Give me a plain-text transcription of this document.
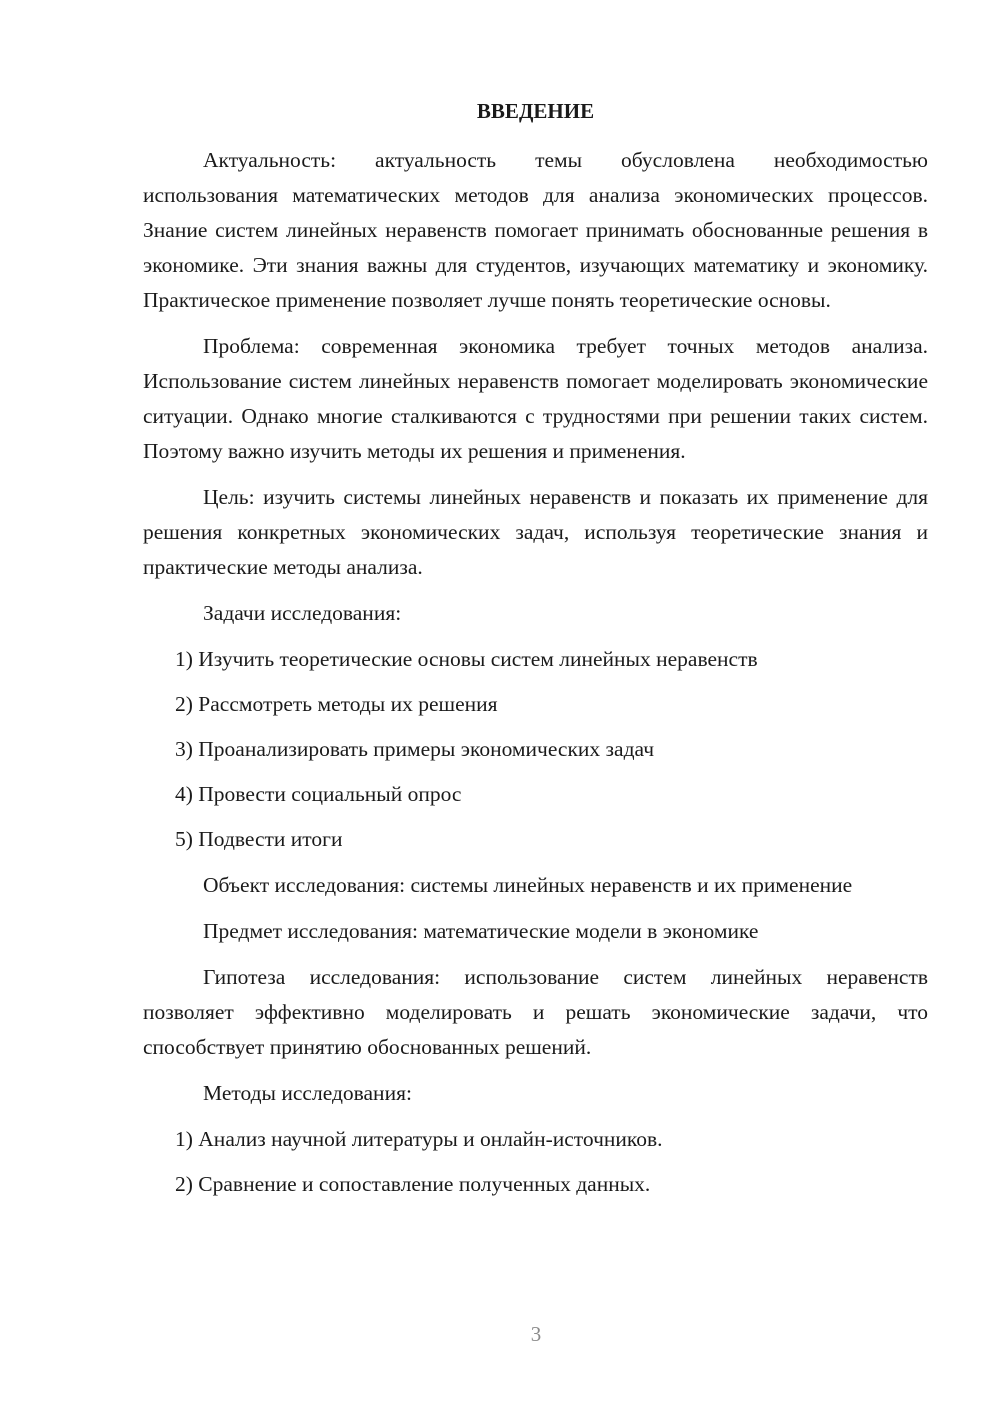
ВВЕДЕНИЕ

Актуальность: актуальность темы обусловлена необходимостью использования математических методов для анализа экономических процессов. Знание систем линейных неравенств помогает принимать обоснованные решения в экономике. Эти знания важны для студентов, изучающих математику и экономику. Практическое применение позволяет лучше понять теоретические основы.

Проблема: современная экономика требует точных методов анализа. Использование систем линейных неравенств помогает моделировать экономические ситуации. Однако многие сталкиваются с трудностями при решении таких систем. Поэтому важно изучить методы их решения и применения.

Цель: изучить системы линейных неравенств и показать их применение для решения конкретных экономических задач, используя теоретические знания и практические методы анализа.

Задачи исследования:

1) Изучить теоретические основы систем линейных неравенств
2) Рассмотреть методы их решения
3) Проанализировать примеры экономических задач
4) Провести социальный опрос
5) Подвести итоги

Объект исследования: системы линейных неравенств и их применение

Предмет исследования: математические модели в экономике

Гипотеза исследования: использование систем линейных неравенств позволяет эффективно моделировать и решать экономические задачи, что способствует принятию обоснованных решений.

Методы исследования:

1) Анализ научной литературы и онлайн-источников.
2) Сравнение и сопоставление полученных данных.
3
